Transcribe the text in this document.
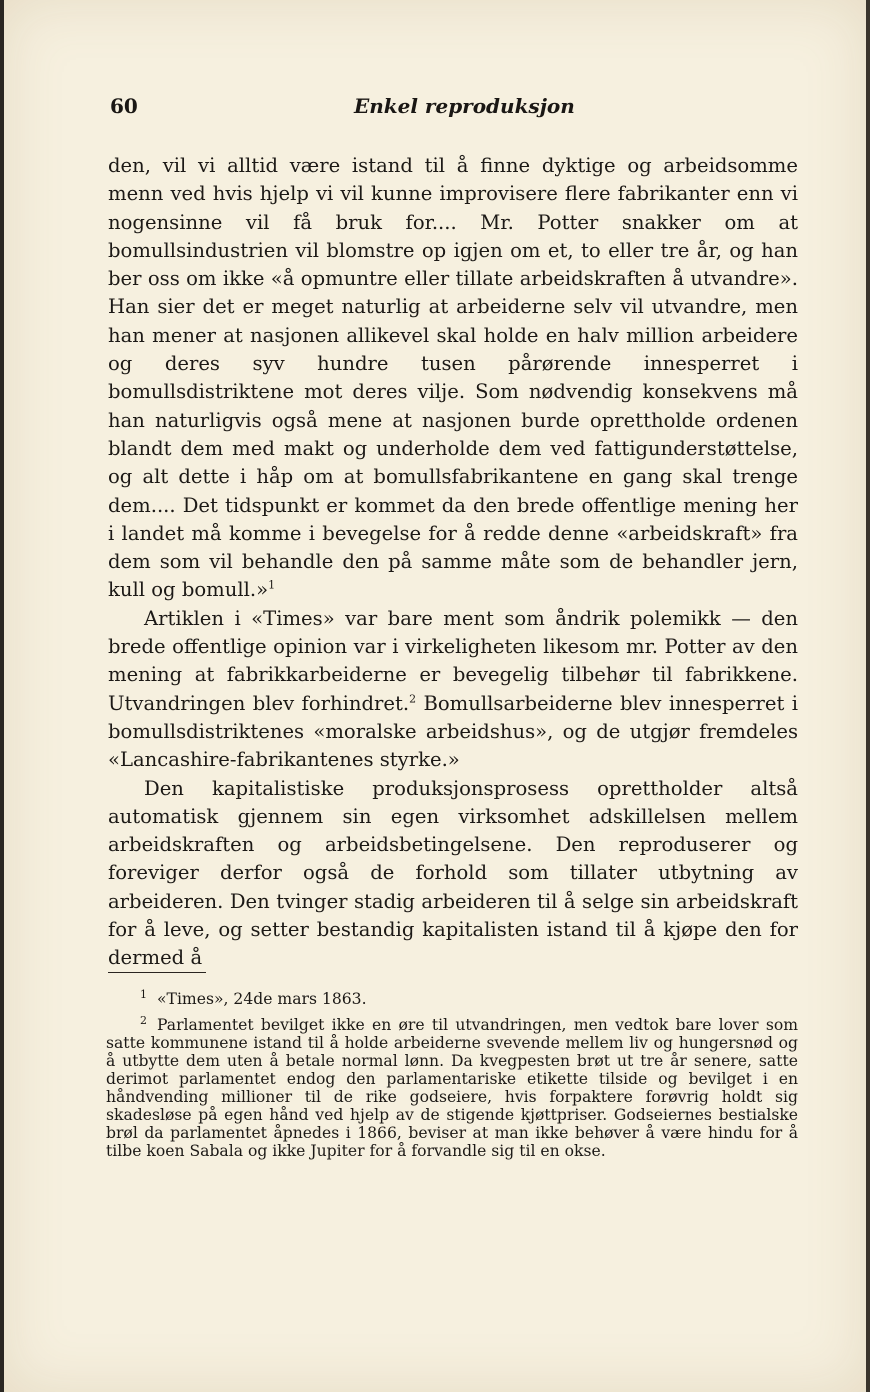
60	Enkel reproduksjon

den, vil vi alltid være istand til å finne dyktige og arbeidsomme menn ved hvis hjelp vi vil kunne improvisere flere fabrikanter enn vi nogensinne vil få bruk for.... Mr. Potter snakker om at bomullsindustrien vil blomstre op igjen om et, to eller tre år, og han ber oss om ikke «å opmuntre eller tillate arbeidskraften å utvandre». Han sier det er meget naturlig at arbeiderne selv vil utvandre, men han mener at nasjonen allikevel skal holde en halv million arbeidere og deres syv hundre tusen pårørende innesperret i bomullsdistriktene mot deres vilje. Som nødvendig konsekvens må han naturligvis også mene at nasjonen burde oprettholde ordenen blandt dem med makt og underholde dem ved fattigunderstøttelse, og alt dette i håp om at bomullsfabrikantene en gang skal trenge dem.... Det tidspunkt er kommet da den brede offentlige mening her i landet må komme i bevegelse for å redde denne «arbeidskraft» fra dem som vil behandle den på samme måte som de behandler jern, kull og bomull.»$^1$

Artiklen i «Times» var bare ment som åndrik polemikk — den brede offentlige opinion var i virkeligheten likesom mr. Potter av den mening at fabrikkarbeiderne er bevegelig tilbehør til fabrikkene. Utvandringen blev forhindret.$^2$ Bomullsarbeiderne blev innesperret i bomullsdistriktenes «moralske arbeidshus», og de utgjør fremdeles «Lancashire-fabrikantenes styrke.»

Den kapitalistiske produksjonsprosess oprettholder altså automatisk gjennem sin egen virksomhet adskillelsen mellem arbeidskraften og arbeidsbetingelsene. Den reproduserer og foreviger derfor også de forhold som tillater utbytning av arbeideren. Den tvinger stadig arbeideren til å selge sin arbeidskraft for å leve, og setter bestandig kapitalisten istand til å kjøpe den for dermed å

$^1$ «Times», 24de mars 1863.

$^2$ Parlamentet bevilget ikke en øre til utvandringen, men vedtok bare lover som satte kommunene istand til å holde arbeiderne svevende mellem liv og hungersnød og å utbytte dem uten å betale normal lønn. Da kvegpesten brøt ut tre år senere, satte derimot parlamentet endog den parlamentariske etikette tilside og bevilget i en håndvending millioner til de rike godseiere, hvis forpaktere forøvrig holdt sig skadesløse på egen hånd ved hjelp av de stigende kjøttpriser. Godseiernes bestialske brøl da parlamentet åpnedes i 1866, beviser at man ikke behøver å være hindu for å tilbe koen Sabala og ikke Jupiter for å forvandle sig til en okse.
